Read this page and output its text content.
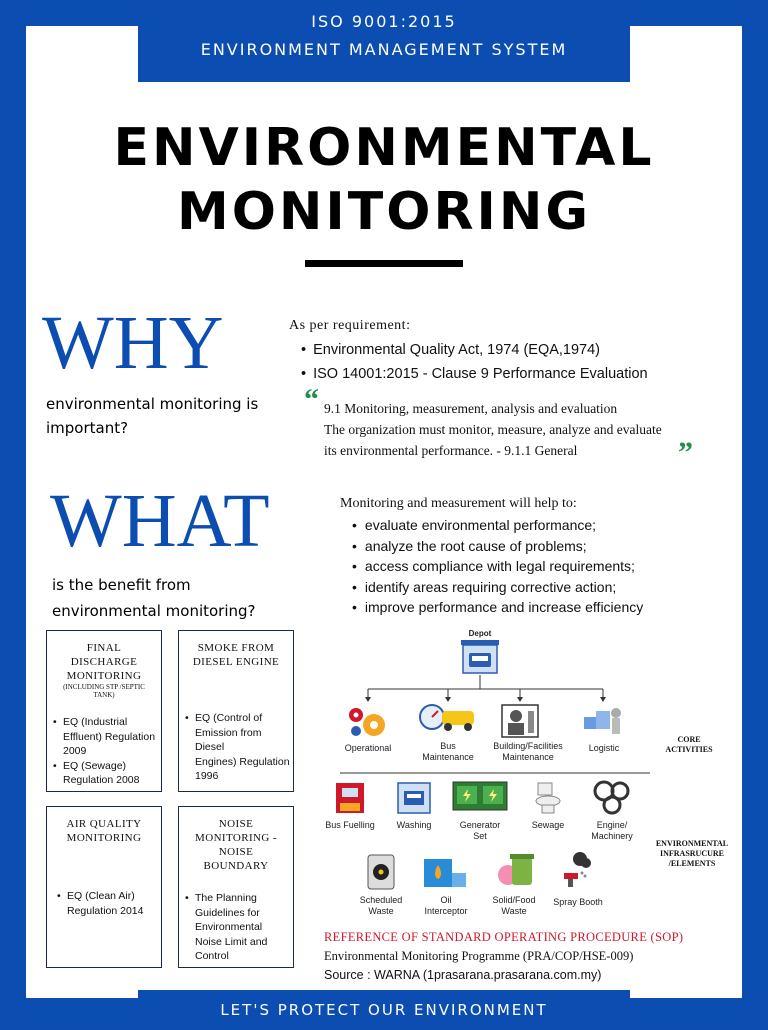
ISO 9001:2015
ENVIRONMENT MANAGEMENT SYSTEM
ENVIRONMENTAL
MONITORING
WHY
environmental monitoring is
important?
As per requirement:
• Environmental Quality Act, 1974 (EQA,1974)
• ISO 14001:2015 - Clause 9 Performance Evaluation
“ 9.1 Monitoring, measurement, analysis and evaluation
The organization must monitor, measure, analyze and evaluate
its environmental performance. - 9.1.1 General	”
WHAT
is the benefit from
environmental monitoring?
Monitoring and measurement will help to:
• evaluate environmental performance;
• analyze the root cause of problems;
• access compliance with legal requirements;
• identify areas requiring corrective action;
• improve performance and increase efficiency
FINAL
DISCHARGE
MONITORING
(INCLUDING STP /SEPTIC
TANK)
• EQ (Industrial
Effluent) Regulation
2009
• EQ (Sewage)
Regulation 2008
SMOKE FROM
DIESEL ENGINE
• EQ (Control of
Emission from Diesel
Engines) Regulation
1996
AIR QUALITY
MONITORING
• EQ (Clean Air)
Regulation 2014
NOISE
MONITORING -
NOISE
BOUNDARY
• The Planning
Guidelines for
Environmental
Noise Limit and
Control
Depot
Operational	Bus
Maintenance
Building/Facilities
Maintenance
Logistic
CORE
ACTIVITIES
Bus Fuelling	Washing	Generator
Set
Sewage	Engine/
Machinery
ENVIRONMENTAL
INFRASRUCURE
/ELEMENTS
Scheduled
Waste
Oil
Interceptor
Solid/Food
Waste
Spray Booth
REFERENCE OF STANDARD OPERATING PROCEDURE (SOP)
Environmental Monitoring Programme (PRA/COP/HSE-009)
Source : WARNA (1prasarana.prasarana.com.my)
LET'S PROTECT OUR ENVIRONMENT
